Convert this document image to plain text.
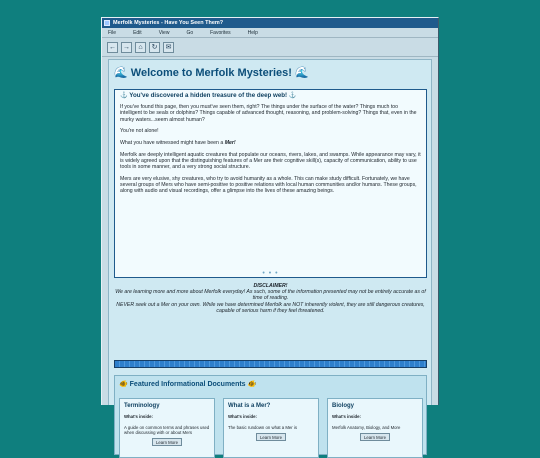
Merfolk Mysteries - Have You Seen Them?
File	Edit	View	Go	Favorites	Help
← →	⌂	↻	✉
🌊 Welcome to Merfolk Mysteries! 🌊
⚓ You've discovered a hidden treasure of the deep web! ⚓

If you've found this page, then you must've seen them, right? The things under the surface of the water? Things much too intelligent to be seals or dolphins? Things capable of advanced thought, reasoning, and problem-solving? Things that, even in the murky waters...seem almost human?

You're not alone!

What you have witnessed might have been a Mer!

Merfolk are deeply intelligent aquatic creatures that populate our oceans, rivers, lakes, and swamps. While appearance may vary, it is widely agreed upon that the distinguishing features of a Mer are their cognitive skill(s), capacity of communication, ability to use tools in some manner, and a very strong social structure.

Mers are very elusive, shy creatures, who try to avoid humanity as a whole. This can make study difficult. Fortunately, we have several groups of Mers who have semi-positive to positive relations with local human communities and/or humans. These groups, along with audio and visual recordings, offer a glimpse into the lives of these amazing beings.

• • •
DISCLAIMER!
We are learning more and more about Merfolk everyday! As such, some of the information presented may not be entirely accurate as of time of reading.
NEVER seek out a Mer on your own. While we have determined Merfolk are NOT inherently violent, they are still dangerous creatures, capable of serious harm if they feel threatened.
🐠 Featured Informational Documents 🐠
Terminology
What's inside:
A guide on common terms and phrases used when discussing with or about Mers
Learn More
What is a Mer?
What's inside:
The basic rundown on what a Mer is
Learn More
Biology
What's inside:
Merfolk Anatomy, Biology, and More
Learn More
